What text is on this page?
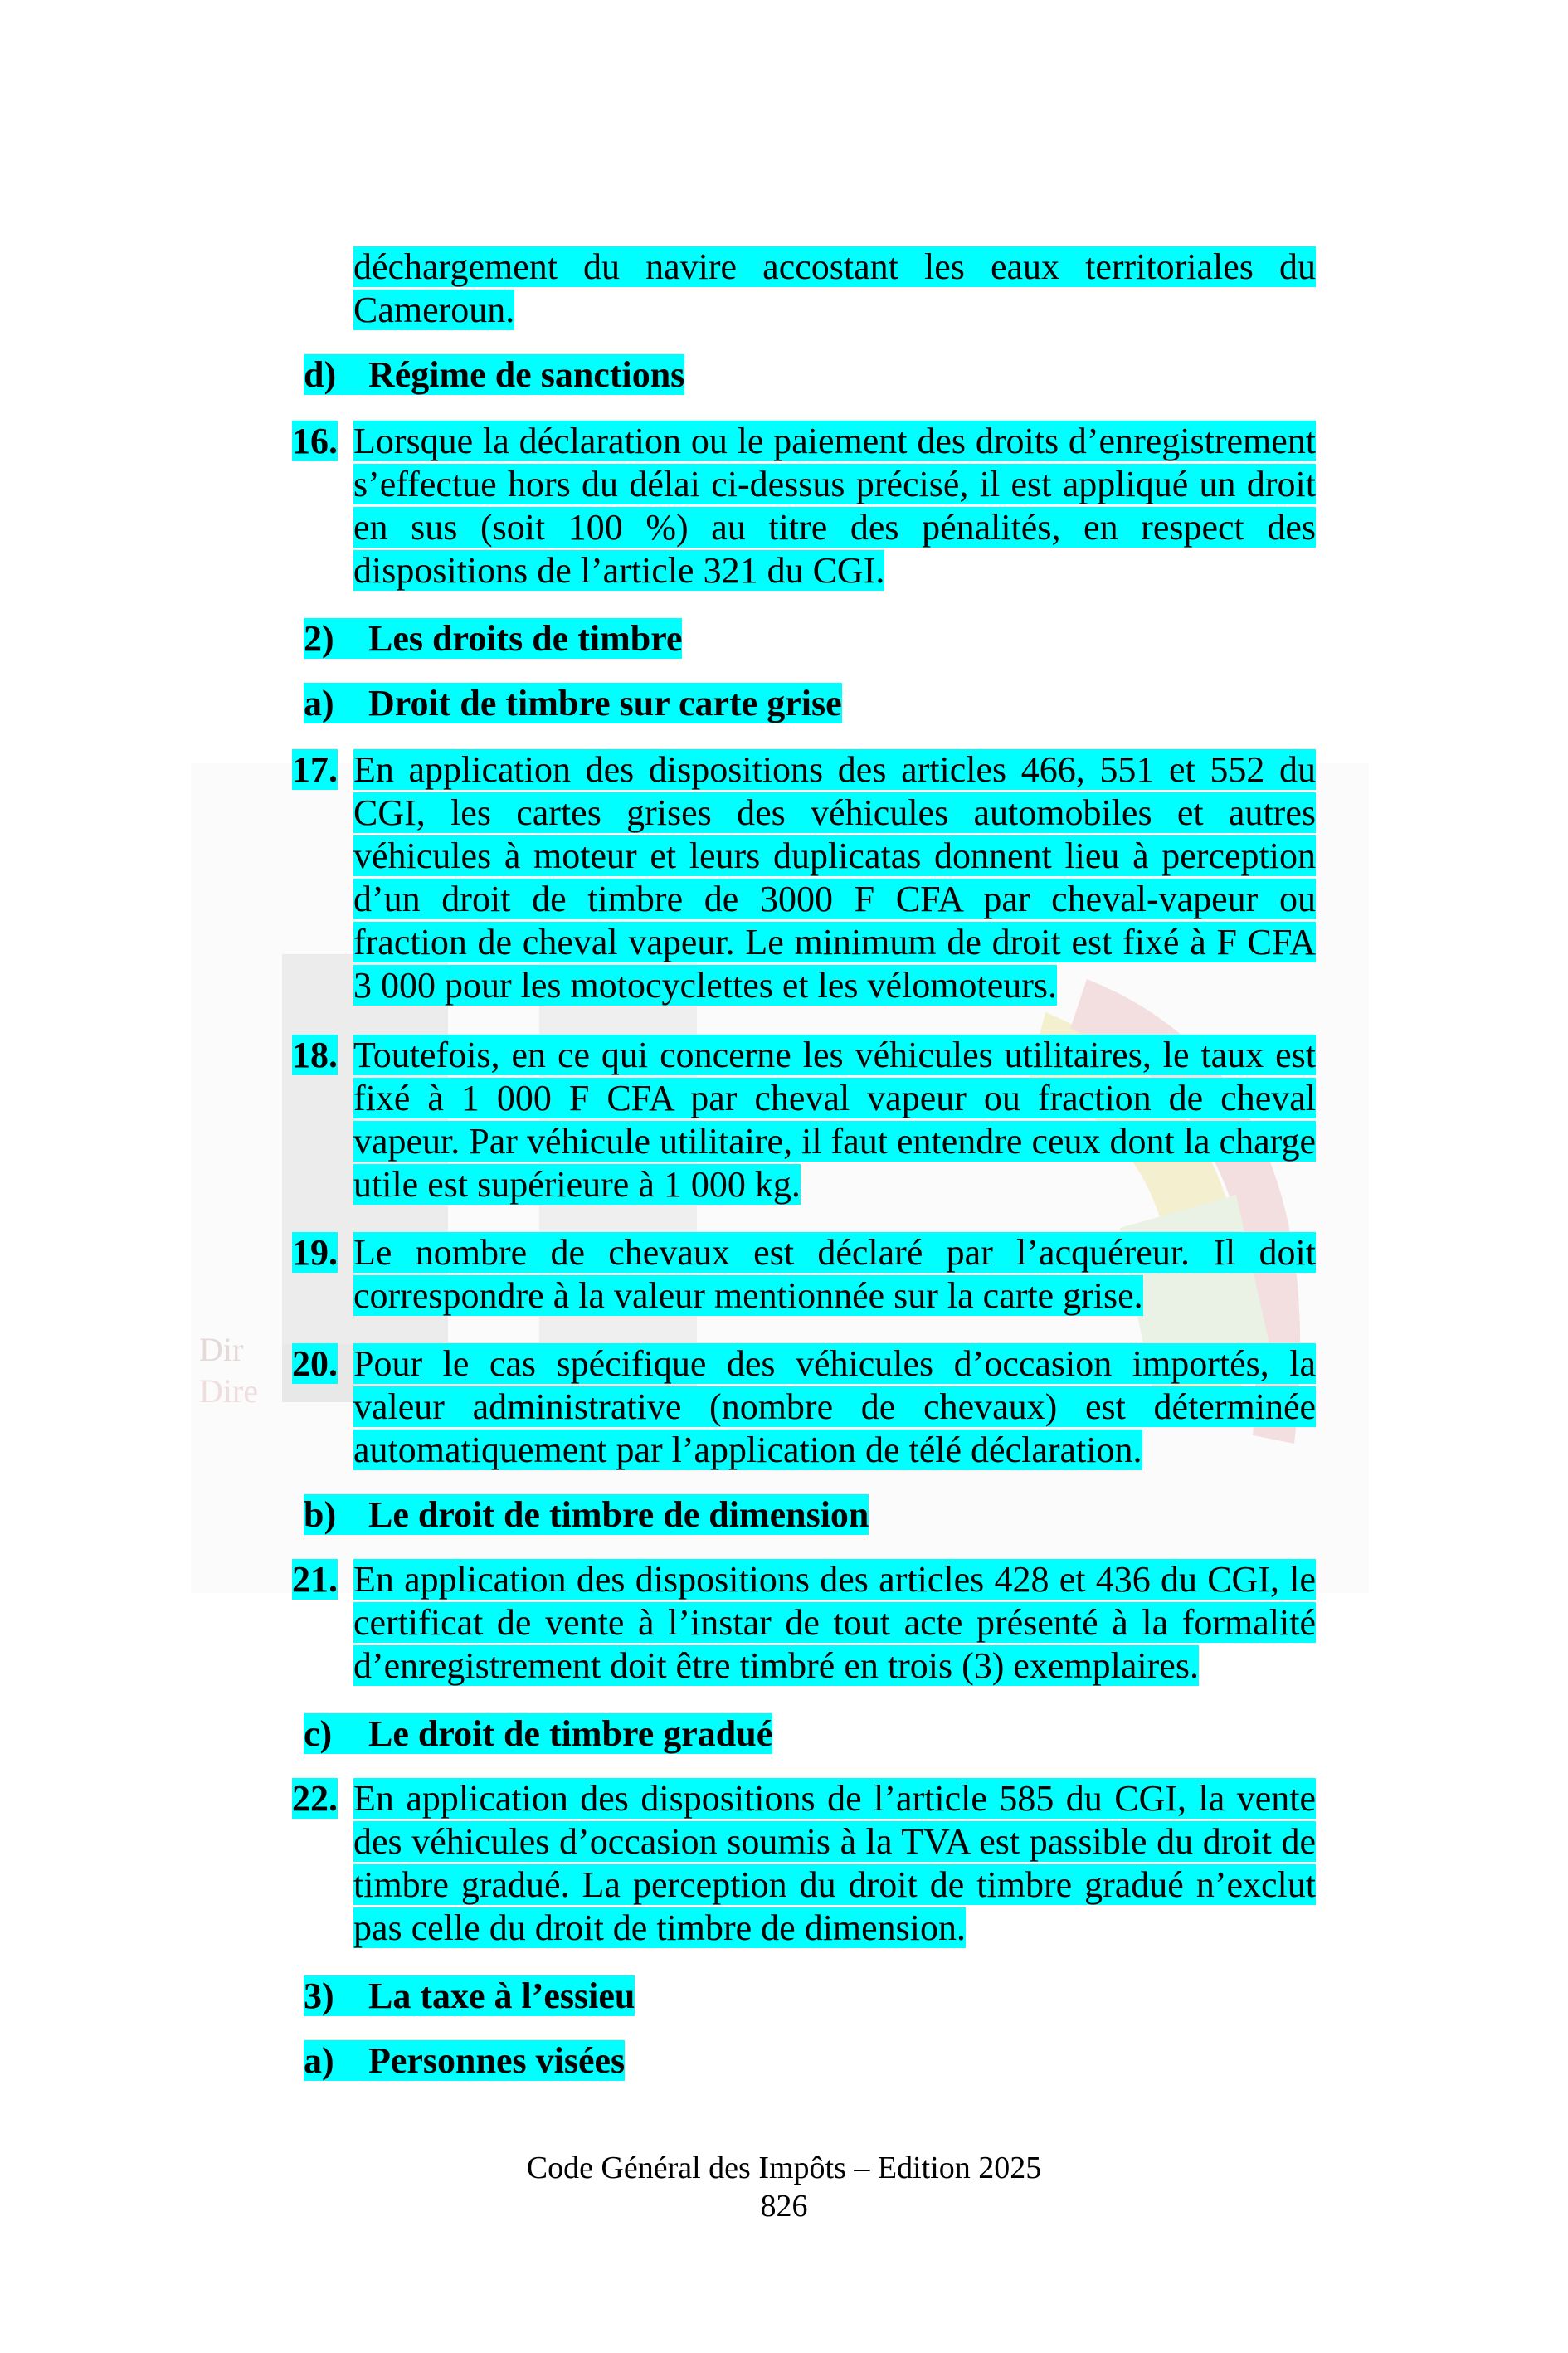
Dir
Dire
déchargement du navire accostant les eaux territoriales du Cameroun.
d) Régime de sanctions
16. Lorsque la déclaration ou le paiement des droits d’enregistrement s’effectue hors du délai ci-dessus précisé, il est appliqué un droit en sus (soit 100 %) au titre des pénalités, en respect des dispositions de l’article 321 du CGI.
2) Les droits de timbre
a) Droit de timbre sur carte grise
17. En application des dispositions des articles 466, 551 et 552 du CGI, les cartes grises des véhicules automobiles et autres véhicules à moteur et leurs duplicatas donnent lieu à perception d’un droit de timbre de 3000 F CFA par cheval-vapeur ou fraction de cheval vapeur. Le minimum de droit est fixé à F CFA 3 000 pour les motocyclettes et les vélomoteurs.
18. Toutefois, en ce qui concerne les véhicules utilitaires, le taux est fixé à 1 000 F CFA par cheval vapeur ou fraction de cheval vapeur. Par véhicule utilitaire, il faut entendre ceux dont la charge utile est supérieure à 1 000 kg.
19. Le nombre de chevaux est déclaré par l’acquéreur. Il doit correspondre à la valeur mentionnée sur la carte grise.
20. Pour le cas spécifique des véhicules d’occasion importés, la valeur administrative (nombre de chevaux) est déterminée automatiquement par l’application de télé déclaration.
b) Le droit de timbre de dimension
21. En application des dispositions des articles 428 et 436 du CGI, le certificat de vente à l’instar de tout acte présenté à la formalité d’enregistrement doit être timbré en trois (3) exemplaires.
c) Le droit de timbre gradué
22. En application des dispositions de l’article 585 du CGI, la vente des véhicules d’occasion soumis à la TVA est passible du droit de timbre gradué. La perception du droit de timbre gradué n’exclut pas celle du droit de timbre de dimension.
3) La taxe à l’essieu
a) Personnes visées
Code Général des Impôts – Edition 2025
826
